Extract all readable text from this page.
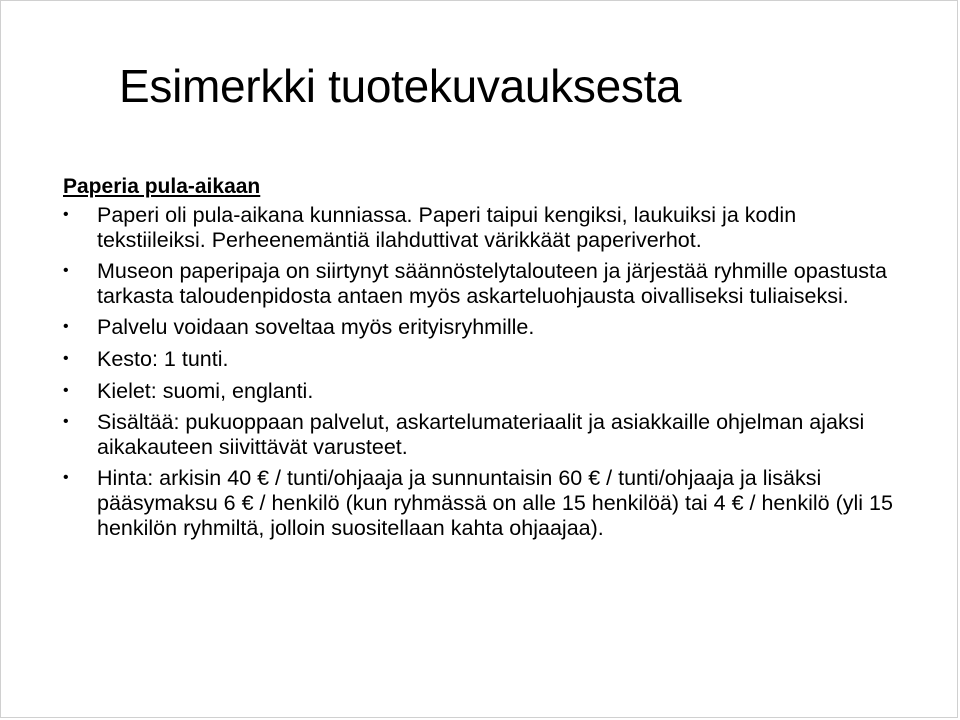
Esimerkki tuotekuvauksesta
Paperia pula-aikaan
• Paperi oli pula-aikana kunniassa. Paperi taipui kengiksi, laukuiksi ja kodin tekstiileiksi. Perheenemäntiä ilahduttivat värikkäät paperiverhot.
• Museon paperipaja on siirtynyt säännöstelytalouteen ja järjestää ryhmille opastusta tarkasta taloudenpidosta antaen myös askarteluohjausta oivalliseksi tuliaiseksi.
• Palvelu voidaan soveltaa myös erityisryhmille.
• Kesto: 1 tunti.
• Kielet: suomi, englanti.
• Sisältää: pukuoppaan palvelut, askartelumateriaalit ja asiakkaille ohjelman ajaksi aikakauteen siivittävät varusteet.
• Hinta: arkisin 40 € / tunti/ohjaaja ja sunnuntaisin 60 € / tunti/ohjaaja ja lisäksi pääsymaksu 6 € / henkilö (kun ryhmässä on alle 15 henkilöä) tai 4 € / henkilö (yli 15 henkilön ryhmiltä, jolloin suositellaan kahta ohjaajaa).
